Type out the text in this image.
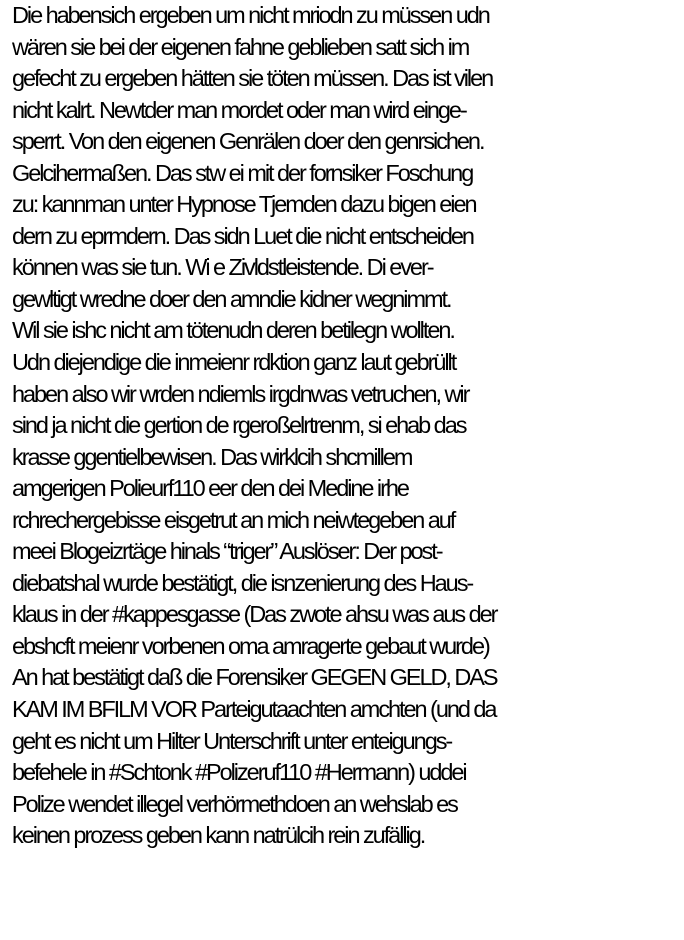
Die habensich ergeben um nicht mriodn zu müssen udn
wären sie bei der eigenen fahne geblieben satt sich im
gefecht zu ergeben hätten sie töten müssen. Das ist vilen
nicht kalrt. Newtder man mordet oder man wird einge-
sperrt. Von den eigenen Genrälen doer den genrsichen.
Gelcihermaßen. Das stw ei mit der fornsiker Foschung
zu: kannman unter Hypnose Tjemden dazu bigen eien
dern zu eprmdern. Das sidn Luet die nicht entscheiden
können was sie tun. Wi e Zivldstleistende. Di ever-
gewltigt wredne doer den amndie kidner wegnimmt.
Wil sie ishc nicht am tötenudn deren betilegn wollten.
Udn diejendige die inmeienr rdktion ganz laut gebrüllt
haben also wir wrden ndiemls irgdnwas vetruchen, wir
sind ja nicht die gertion de rgeroßelrtrenm, si ehab das
krasse ggentielbewisen. Das wirklcih shcmillem
amgerigen Polieurf110 eer den dei Medine irhe
rchrechergebisse eisgetrut an mich neiwtegeben auf
meei Blogeizrtäge hinals “triger” Auslöser: Der post-
diebatshal wurde bestätigt, die isnzenierung des Haus-
klaus in der #kappesgasse (Das zwote ahsu was aus der
ebshcft meienr vorbenen oma amragerte gebaut wurde)
An hat bestätigt daß die Forensiker GEGEN GELD, DAS
KAM IM BFILM VOR Parteigutaachten amchten (und da
geht es nicht um Hilter Unterschrift unter enteigungs-
befehele in #Schtonk #Polizeruf110 #Hermann) uddei
Polize wendet illegel verhörmethdoen an wehslab es
keinen prozess geben kann natrülcih rein zufällig.
